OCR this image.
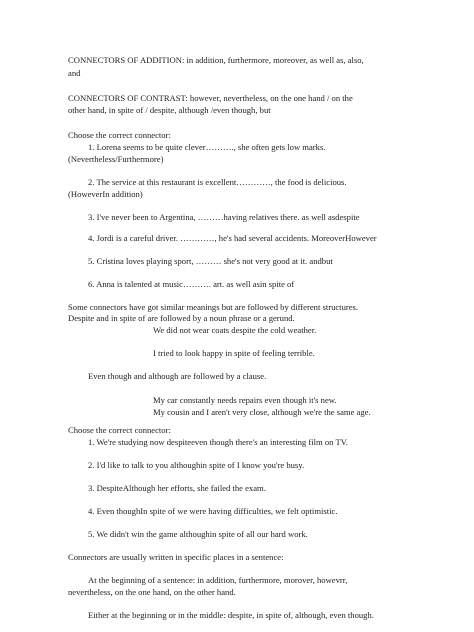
CONNECTORS OF ADDITION: in addition, furthermore, moreover, as well as, also,
and
CONNECTORS OF CONTRAST: however, nevertheless, on the one hand / on the
other hand, in spite of / despite, although /even though, but
Choose the correct connector:
1. Lorena seems to be quite clever………., she often gets low marks.
(Nevertheless/Furthermore)
2. The service at this restaurant is excellent…………, the food is delicious.
(HoweverIn addition)
3. I've never been to Argentina, ………having relatives there. as well asdespite
4. Jordi is a careful driver. …………, he's had several accidents. MoreoverHowever
5. Cristina loves playing sport, ……… she's not very good at it. andbut
6. Anna is talented at music………. art. as well asin spite of
Some connectors have got similar meanings but are followed by different structures.
Despite and in spite of are followed by a noun phrase or a gerund.
We did not wear coats despite the cold weather.
I tried to look happy in spite of feeling terrible.
Even though and although are followed by a clause.
My car constantly needs repairs even though it's new.
My cousin and I aren't very close, although we're the same age.
Choose the correct connector:
1. We're studying now despiteeven though there's an interesting film on TV.
2. I'd like to talk to you althoughin spite of I know you're busy.
3. DespiteAlthough her efforts, she failed the exam.
4. Even thoughIn spite of we were having difficulties, we felt optimistic.
5. We didn't win the game althoughin spite of all our hard work.
Connectors are usually written in specific places in a sentence:
At the beginning of a sentence: in addition, furthermore, morover, howevrr,
nevertheless, on the one hand, on the other hand.
Either at the beginning or in the middle: despite, in spite of, although, even though.
